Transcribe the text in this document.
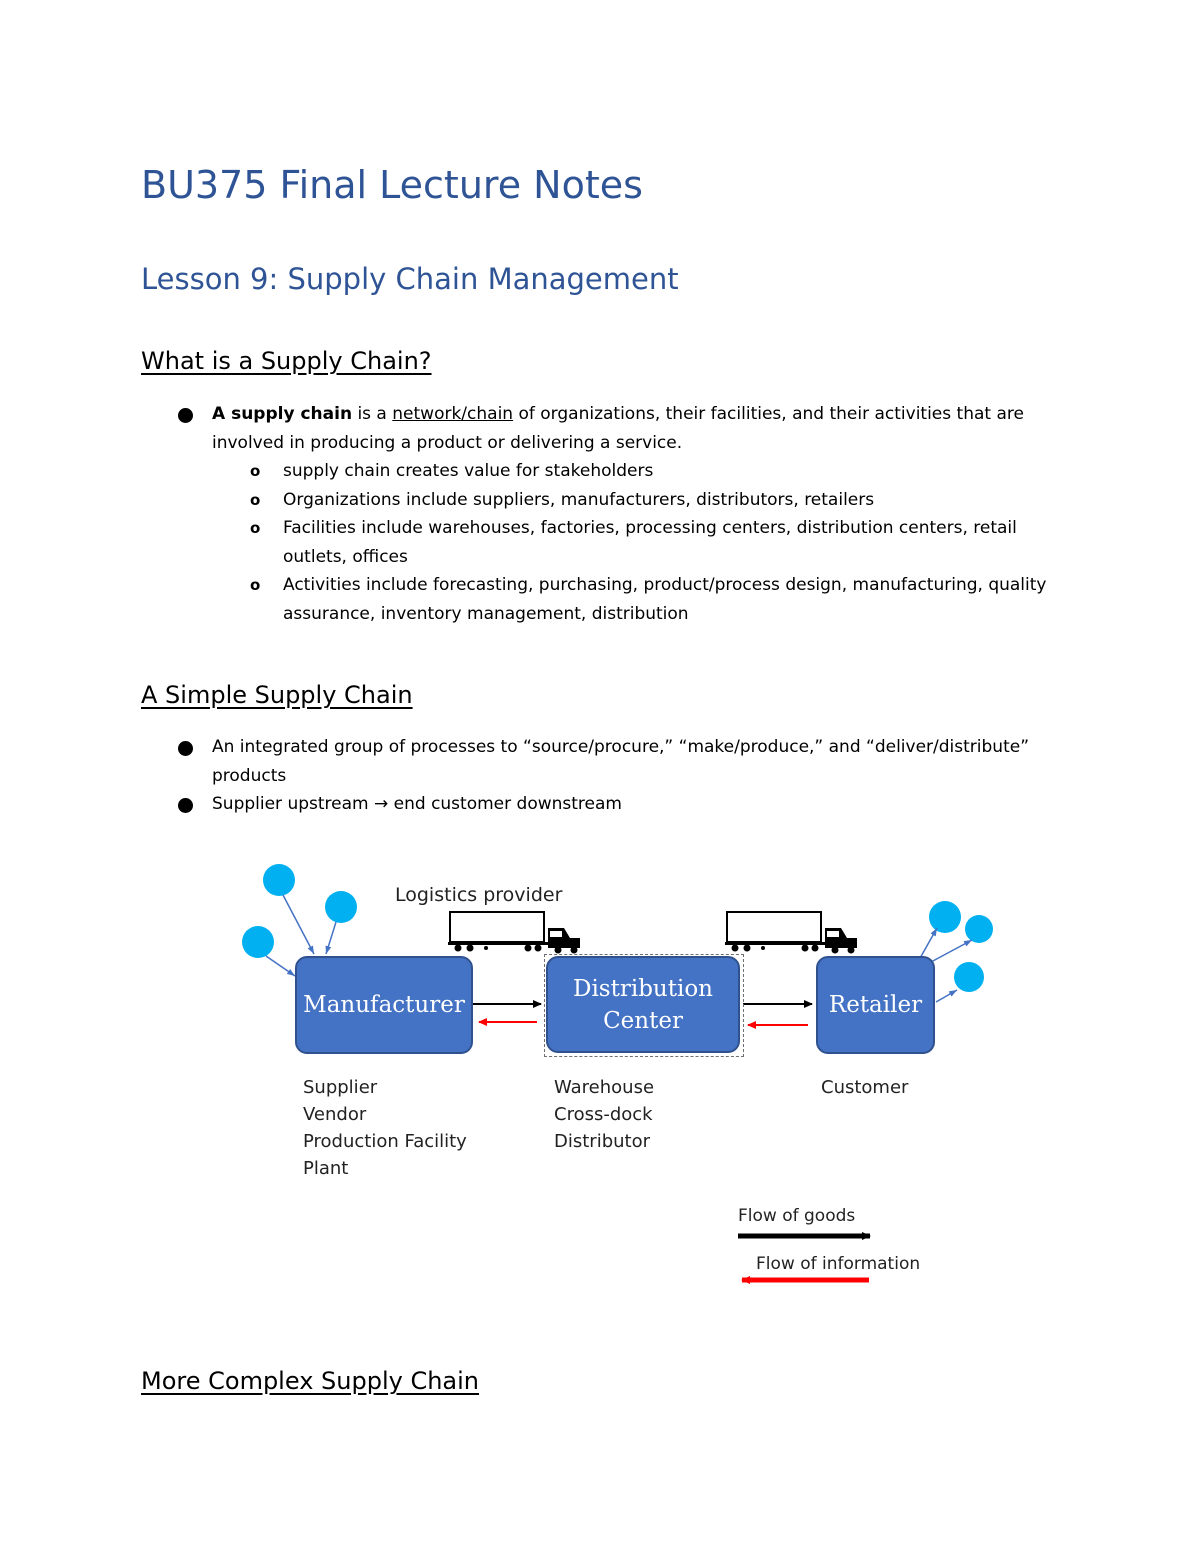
BU375 Final Lecture Notes
Lesson 9: Supply Chain Management
What is a Supply Chain?
A supply chain is a network/chain of organizations, their facilities, and their activities that are involved in producing a product or delivering a service.
o supply chain creates value for stakeholders
o Organizations include suppliers, manufacturers, distributors, retailers
o Facilities include warehouses, factories, processing centers, distribution centers, retail outlets, offices
o Activities include forecasting, purchasing, product/process design, manufacturing, quality assurance, inventory management, distribution
A Simple Supply Chain
An integrated group of processes to “source/procure,” “make/produce,” and “deliver/distribute” products
Supplier upstream → end customer downstream
Logistics provider
Manufacturer
Distribution Center
Retailer
Supplier
Vendor
Production Facility
Plant
Warehouse
Cross-dock
Distributor
Customer
Flow of goods
Flow of information
More Complex Supply Chain
